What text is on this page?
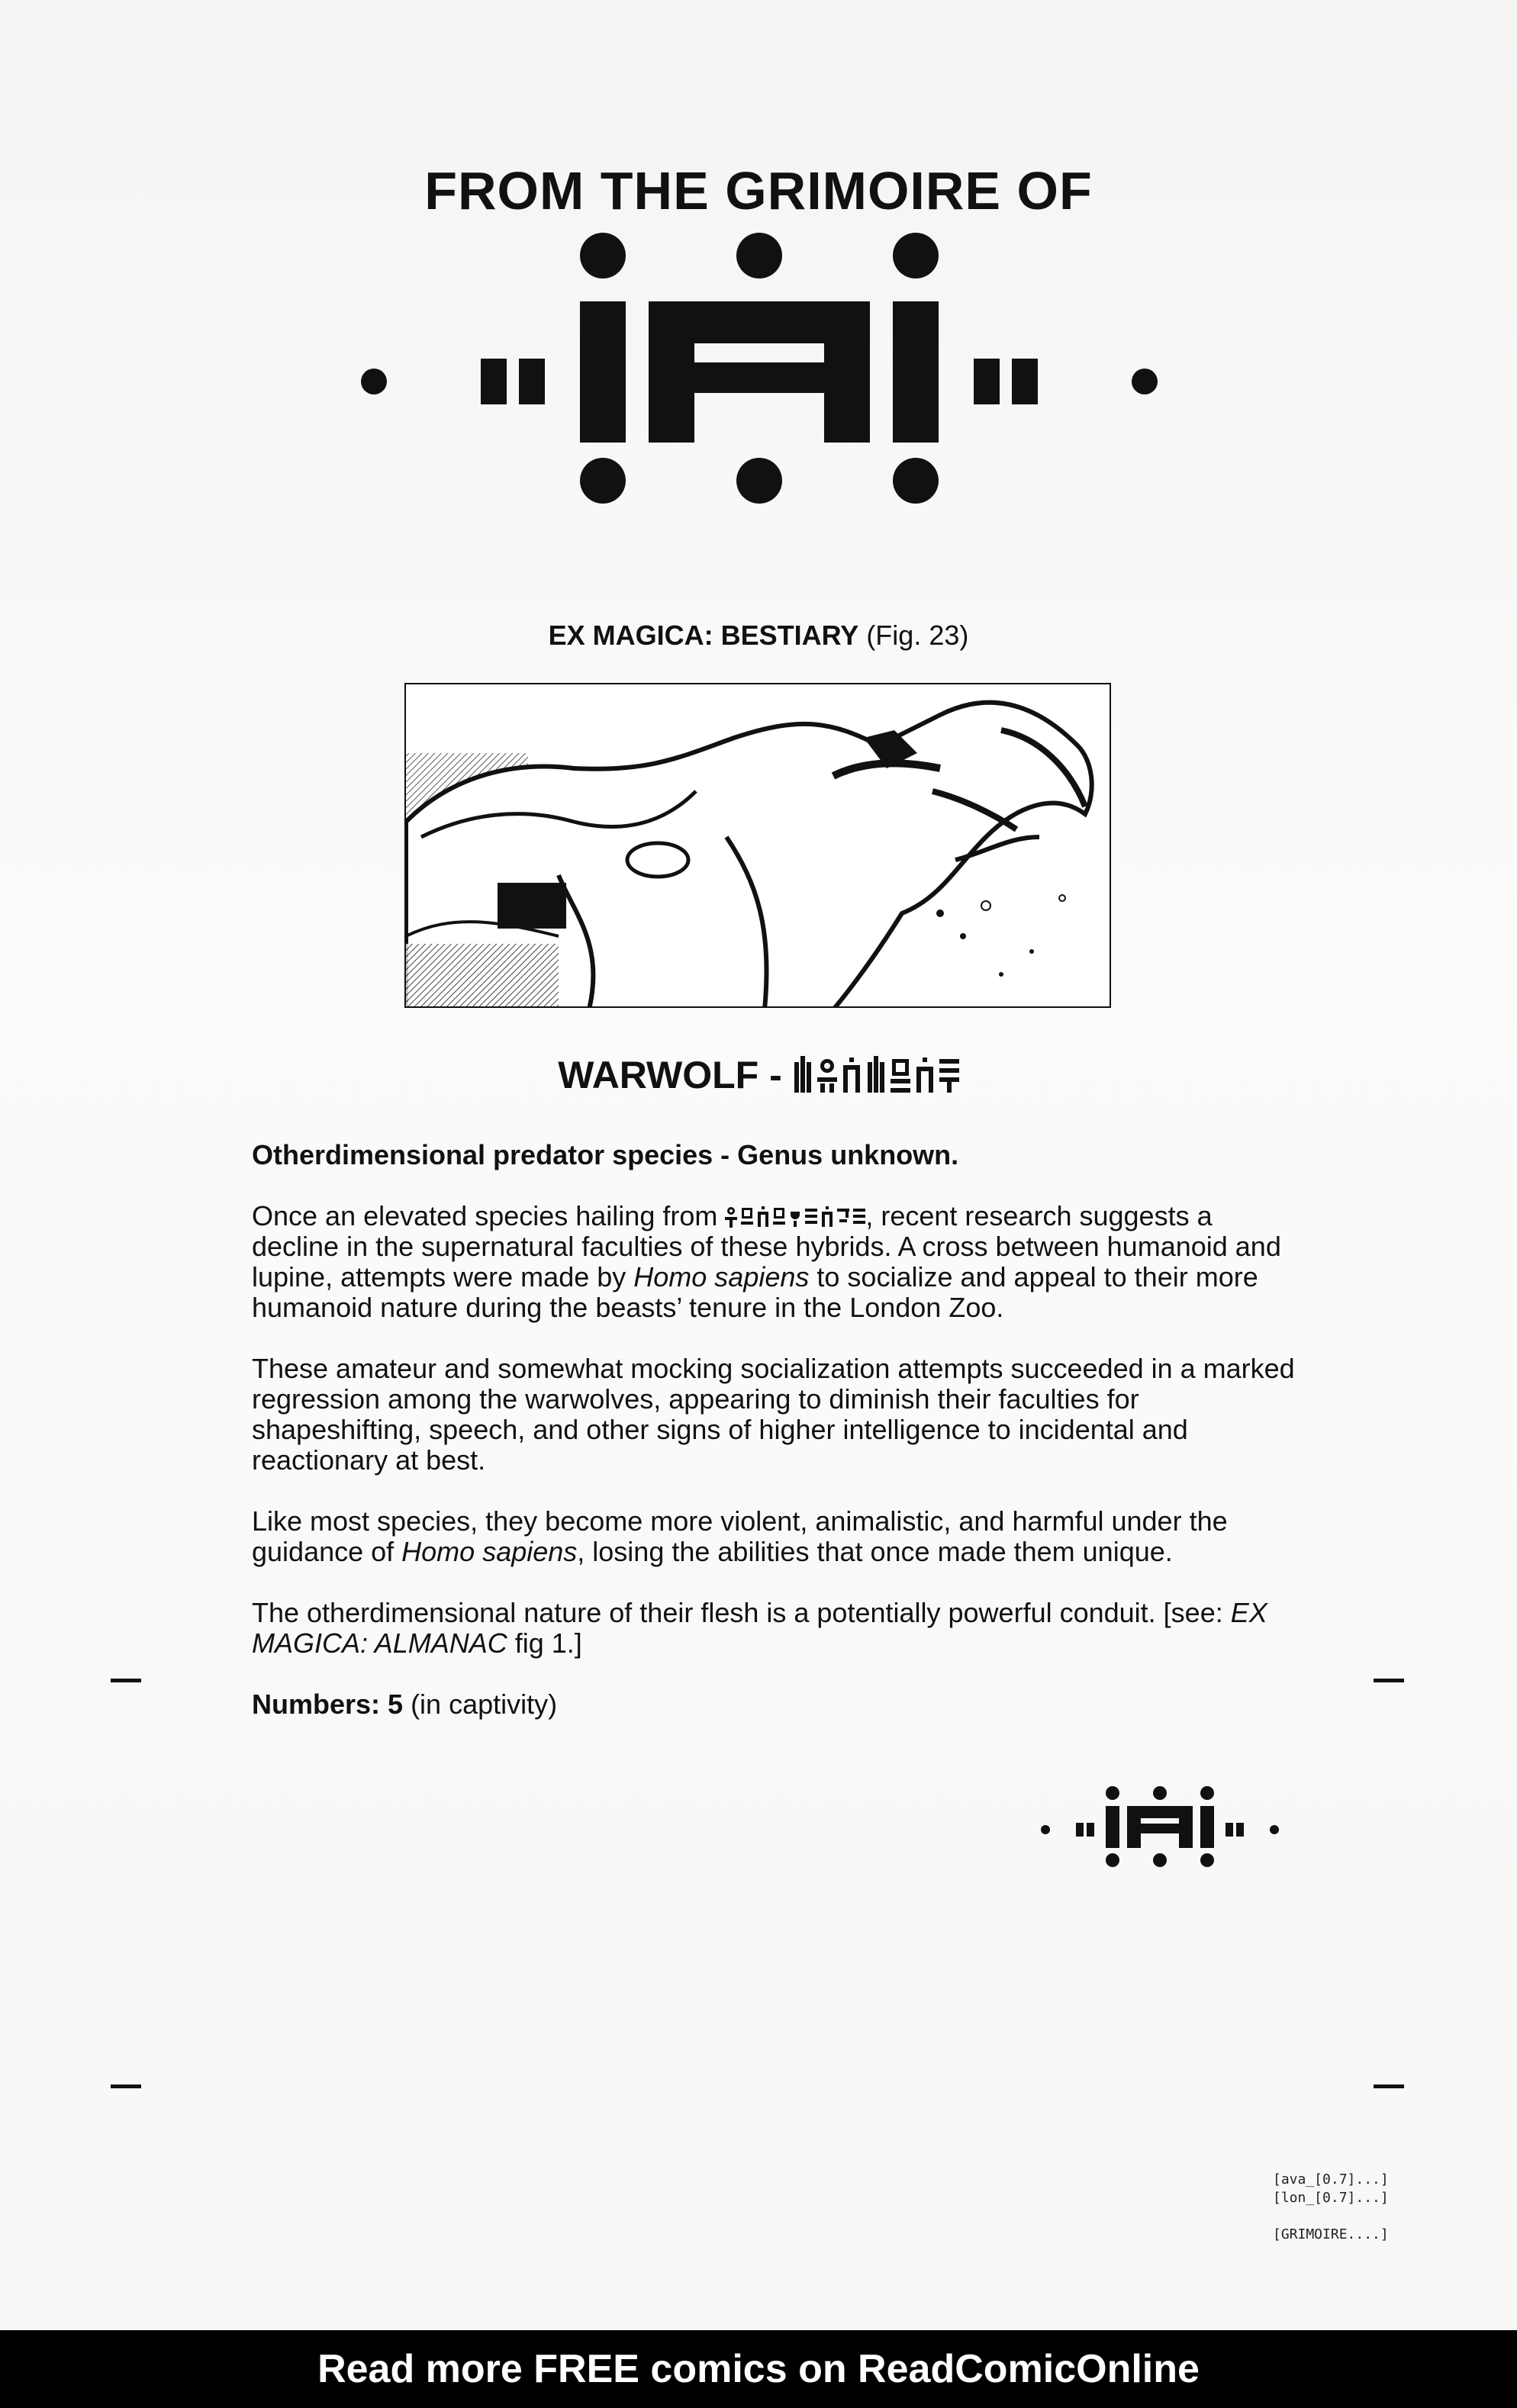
FROM THE GRIMOIRE OF
EX MAGICA: BESTIARY (Fig. 23)
WARWOLF -

Otherdimensional predator species - Genus unknown.

Once an elevated species hailing from	, recent research suggests a decline in the supernatural faculties of these hybrids. A cross between humanoid and lupine, attempts were made by Homo sapiens to socialize and appeal to their more humanoid nature during the beasts’ tenure in the London Zoo.

These amateur and somewhat mocking socialization attempts succeeded in a marked regression among the warwolves, appearing to diminish their faculties for shapeshifting, speech, and other signs of higher intelligence to incidental and reactionary at best.

Like most species, they become more violent, animalistic, and harmful under the guidance of Homo sapiens, losing the abilities that once made them unique.

The otherdimensional nature of their flesh is a potentially powerful conduit. [see: EX MAGICA: ALMANAC fig 1.]

Numbers: 5 (in captivity)

[ava_[0.7]...]
[lon_[0.7]...]
[GRIMOIRE....]
Read more FREE comics on ReadComicOnline
